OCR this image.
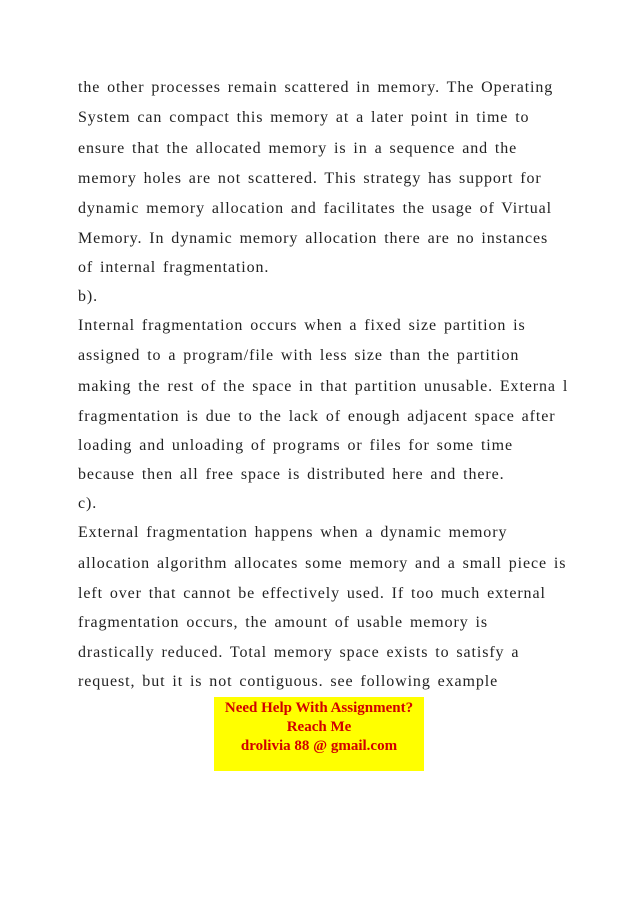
the other processes remain scattered in memory. The Operating
System can compact this memory at a later point in time to
ensure that the allocated memory is in a sequence and the
memory holes are not scattered. This strategy has support for
dynamic memory allocation and facilitates the usage of Virtual
Memory. In dynamic memory allocation there are no instances
of internal fragmentation.
b).
Internal fragmentation occurs when a fixed size partition is
assigned to a program/file with less size than the partition
making the rest of the space in that partition unusable. Externa l
fragmentation is due to the lack of enough adjacent space after
loading and unloading of programs or files for some time
because then all free space is distributed here and there.
c).
External fragmentation happens when a dynamic memory
allocation algorithm allocates some memory and a small piece is
left over that cannot be effectively used. If too much external
fragmentation occurs, the amount of usable memory is
drastically reduced. Total memory space exists to satisfy a
request, but it is not contiguous. see following example
Need Help With Assignment?
Reach Me
drolivia 88 @ gmail.com
